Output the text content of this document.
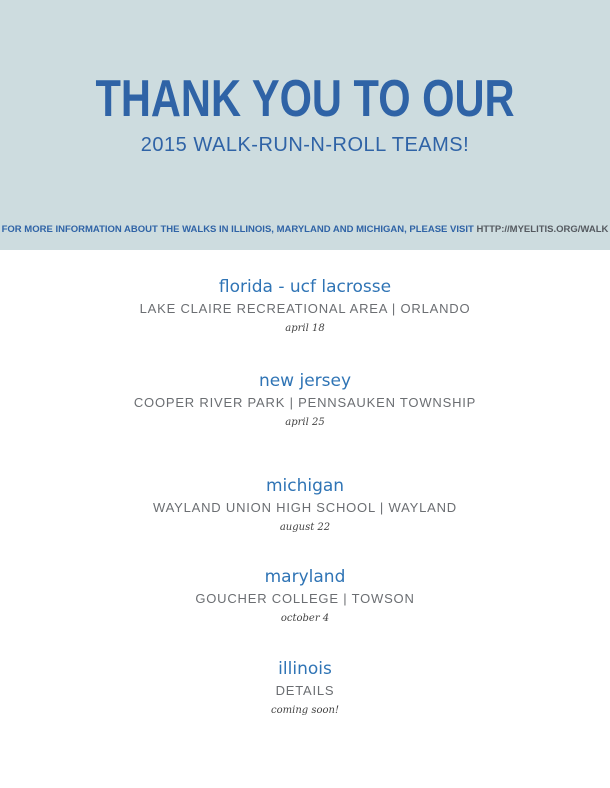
THANK YOU TO OUR
2015 WALK-RUN-N-ROLL TEAMS!
FOR MORE INFORMATION ABOUT THE WALKS IN ILLINOIS, MARYLAND AND MICHIGAN, PLEASE VISIT HTTP://MYELITIS.ORG/WALK
florida - ucf lacrosse
LAKE CLAIRE RECREATIONAL AREA | ORLANDO
april 18
new jersey
COOPER RIVER PARK | PENNSAUKEN TOWNSHIP
april 25
michigan
WAYLAND UNION HIGH SCHOOL | WAYLAND
august 22
maryland
GOUCHER COLLEGE | TOWSON
october 4
illinois
DETAILS
coming soon!
